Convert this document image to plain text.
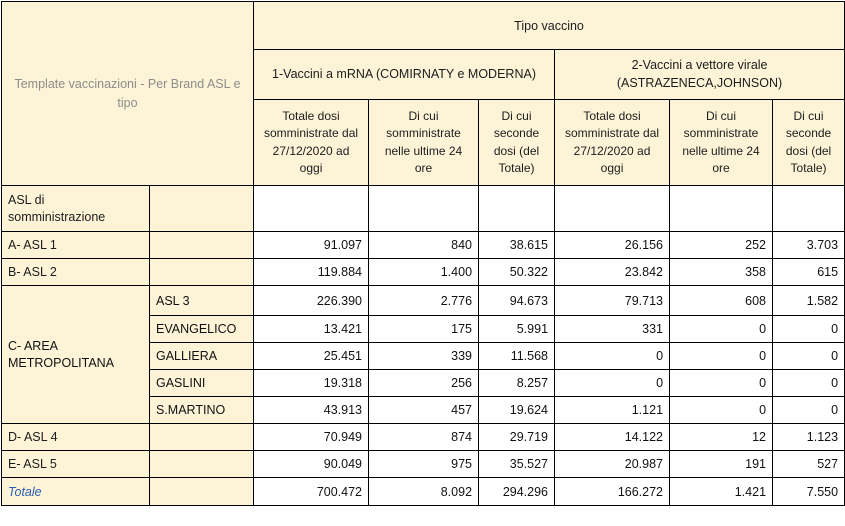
Template vaccinazioni - Per Brand ASL e tipo		Tipo vaccino					
		1-Vaccini a mRNA (COMIRNATY e MODERNA)			2-Vaccini a vettore virale (ASTRAZENECA,JOHNSON)		
		Totale dosi somministrate dal 27/12/2020 ad oggi	Di cui somministrate nelle ultime 24 ore	Di cui seconde dosi (del Totale)	Totale dosi somministrate dal 27/12/2020 ad oggi	Di cui somministrate nelle ultime 24 ore	Di cui seconde dosi (del Totale)
ASL di somministrazione							
A- ASL 1		91.097	840	38.615	26.156	252	3.703
B- ASL 2		119.884	1.400	50.322	23.842	358	615
C- AREA METROPOLITANA	ASL 3	226.390	2.776	94.673	79.713	608	1.582
	EVANGELICO	13.421	175	5.991	331	0	0
	GALLIERA	25.451	339	11.568	0	0	0
	GASLINI	19.318	256	8.257	0	0	0
	S.MARTINO	43.913	457	19.624	1.121	0	0
D- ASL 4		70.949	874	29.719	14.122	12	1.123
E- ASL 5		90.049	975	35.527	20.987	191	527
Totale		700.472	8.092	294.296	166.272	1.421	7.550
